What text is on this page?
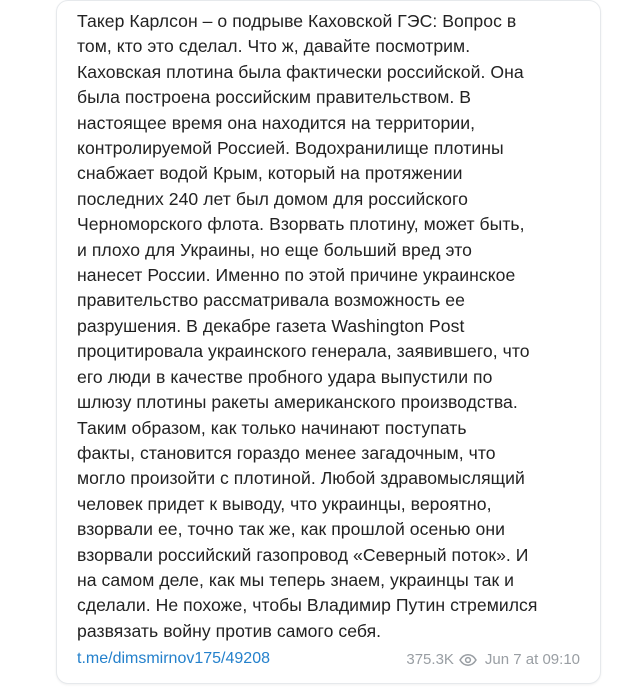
Такер Карлсон – о подрыве Каховской ГЭС: Вопрос в
том, кто это сделал. Что ж, давайте посмотрим.
Каховская плотина была фактически российской. Она
была построена российским правительством. В
настоящее время она находится на территории,
контролируемой Россией. Водохранилище плотины
снабжает водой Крым, который на протяжении
последних 240 лет был домом для российского
Черноморского флота. Взорвать плотину, может быть,
и плохо для Украины, но еще больший вред это
нанесет России. Именно по этой причине украинское
правительство рассматривала возможность ее
разрушения. В декабре газета Washington Post
процитировала украинского генерала, заявившего, что
его люди в качестве пробного удара выпустили по
шлюзу плотины ракеты американского производства.
Таким образом, как только начинают поступать
факты, становится гораздо менее загадочным, что
могло произойти с плотиной. Любой здравомыслящий
человек придет к выводу, что украинцы, вероятно,
взорвали ее, точно так же, как прошлой осенью они
взорвали российский газопровод «Северный поток». И
на самом деле, как мы теперь знаем, украинцы так и
сделали. Не похоже, чтобы Владимир Путин стремился
развязать войну против самого себя.

t.me/dimsmirnov175/49208	375.3K Jun 7 at 09:10
